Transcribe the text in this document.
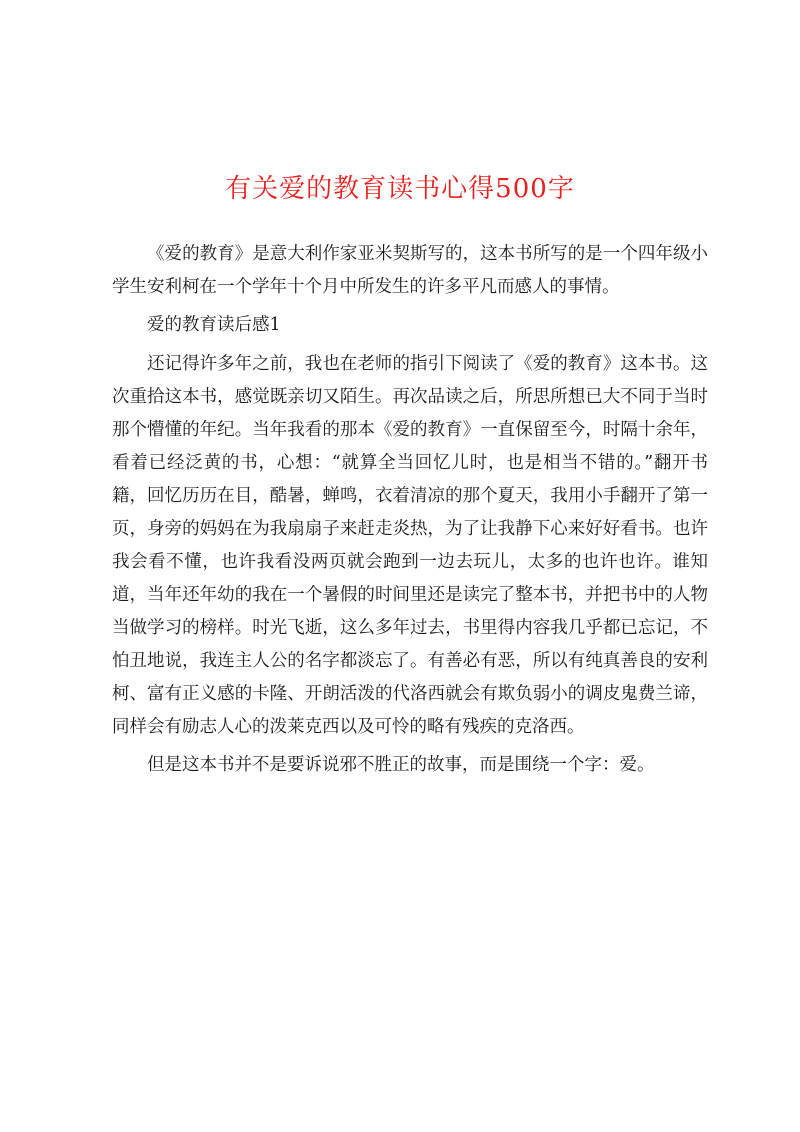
有关爱的教育读书心得500字

《爱的教育》是意大利作家亚米契斯写的，这本书所写的是一个四年级小学生安利柯在一个学年十个月中所发生的许多平凡而感人的事情。

爱的教育读后感1

还记得许多年之前，我也在老师的指引下阅读了《爱的教育》这本书。这次重拾这本书，感觉既亲切又陌生。再次品读之后，所思所想已大不同于当时那个懵懂的年纪。当年我看的那本《爱的教育》一直保留至今，时隔十余年，看着已经泛黄的书，心想：“就算全当回忆儿时，也是相当不错的。”翻开书籍，回忆历历在目，酷暑，蝉鸣，衣着清凉的那个夏天，我用小手翻开了第一页，身旁的妈妈在为我扇扇子来赶走炎热，为了让我静下心来好好看书。也许我会看不懂，也许我看没两页就会跑到一边去玩儿，太多的也许也许。谁知道，当年还年幼的我在一个暑假的时间里还是读完了整本书，并把书中的人物当做学习的榜样。时光飞逝，这么多年过去，书里得内容我几乎都已忘记，不怕丑地说，我连主人公的名字都淡忘了。有善必有恶，所以有纯真善良的安利柯、富有正义感的卡隆、开朗活泼的代洛西就会有欺负弱小的调皮鬼费兰谛，同样会有励志人心的泼莱克西以及可怜的略有残疾的克洛西。

但是这本书并不是要诉说邪不胜正的故事，而是围绕一个字：爱。
